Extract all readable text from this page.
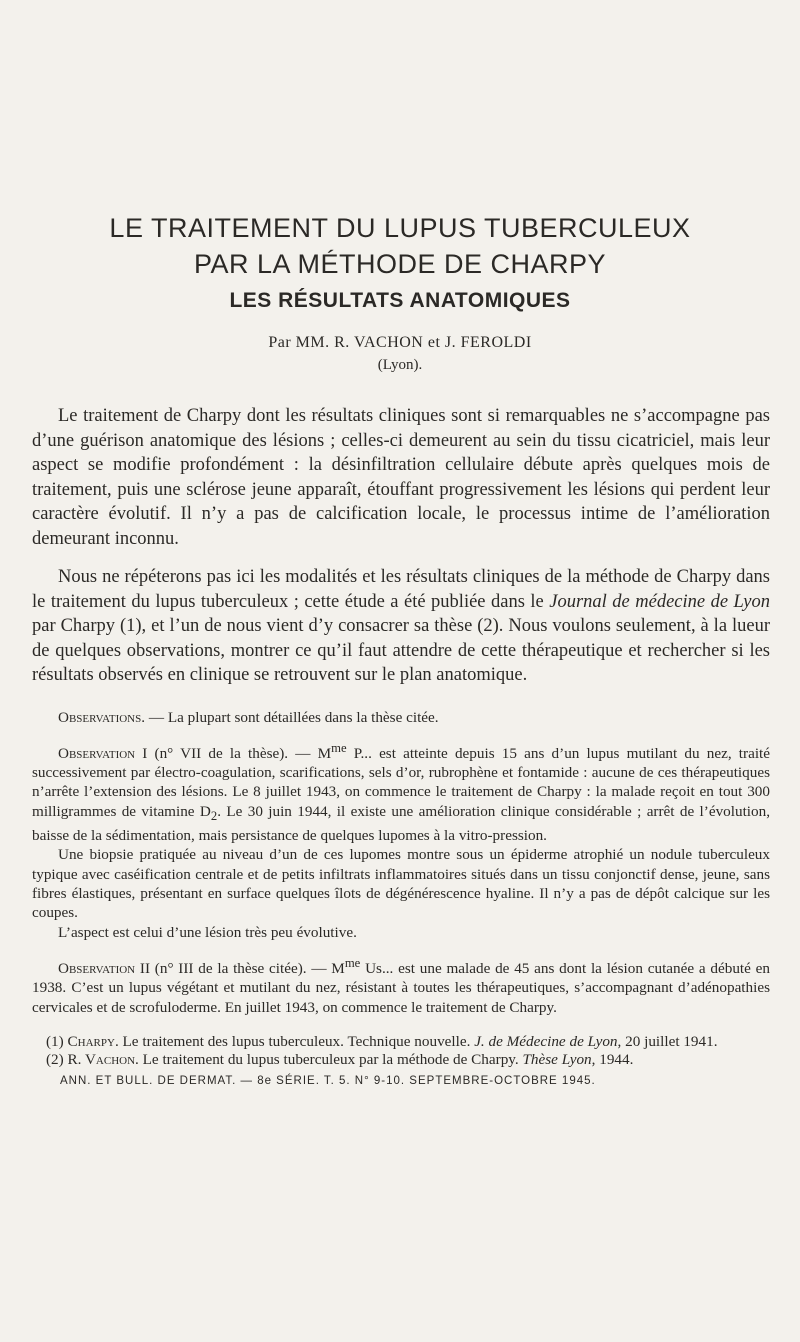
LE TRAITEMENT DU LUPUS TUBERCULEUX
PAR LA MÉTHODE DE CHARPY
LES RÉSULTATS ANATOMIQUES
Par MM. R. VACHON et J. FEROLDI
(Lyon).

Le traitement de Charpy dont les résultats cliniques sont si remarquables ne s’accompagne pas d’une guérison anatomique des lésions ; celles-ci demeurent au sein du tissu cicatriciel, mais leur aspect se modifie profondément : la désinfiltration cellulaire débute après quelques mois de traitement, puis une sclérose jeune apparaît, étouffant progressivement les lésions qui perdent leur caractère évolutif. Il n’y a pas de calcification locale, le processus intime de l’amélioration demeurant inconnu.

Nous ne répéterons pas ici les modalités et les résultats cliniques de la méthode de Charpy dans le traitement du lupus tuberculeux ; cette étude a été publiée dans le Journal de médecine de Lyon par Charpy (1), et l’un de nous vient d’y consacrer sa thèse (2). Nous voulons seulement, à la lueur de quelques observations, montrer ce qu’il faut attendre de cette thérapeutique et rechercher si les résultats observés en clinique se retrouvent sur le plan anatomique.

Observations. — La plupart sont détaillées dans la thèse citée.

Observation I (n° VII de la thèse). — $M^{me}$ P... est atteinte depuis 15 ans d’un lupus mutilant du nez, traité successivement par électro-coagulation, scarifications, sels d’or, rubrophène et fontamide : aucune de ces thérapeutiques n’arrête l’extension des lésions. Le 8 juillet 1943, on commence le traitement de Charpy : la malade reçoit en tout 300 milligrammes de vitamine $D_2$. Le 30 juin 1944, il existe une amélioration clinique considérable ; arrêt de l’évolution, baisse de la sédimentation, mais persistance de quelques lupomes à la vitro-pression.

Une biopsie pratiquée au niveau d’un de ces lupomes montre sous un épiderme atrophié un nodule tuberculeux typique avec caséification centrale et de petits infiltrats inflammatoires situés dans un tissu conjonctif dense, jeune, sans fibres élastiques, présentant en surface quelques îlots de dégénérescence hyaline. Il n’y a pas de dépôt calcique sur les coupes.

L’aspect est celui d’une lésion très peu évolutive.

Observation II (n° III de la thèse citée). — $M^{me}$ Us... est une malade de 45 ans dont la lésion cutanée a débuté en 1938. C’est un lupus végétant et mutilant du nez, résistant à toutes les thérapeutiques, s’accompagnant d’adénopathies cervicales et de scrofuloderme. En juillet 1943, on commence le traitement de Charpy.

(1) Charpy. Le traitement des lupus tuberculeux. Technique nouvelle. J. de Médecine de Lyon, 20 juillet 1941.

(2) R. Vachon. Le traitement du lupus tuberculeux par la méthode de Charpy. Thèse Lyon, 1944.

ANN. ET BULL. DE DERMAT. — 8e SÉRIE. T. 5. N° 9-10. SEPTEMBRE-OCTOBRE 1945.
